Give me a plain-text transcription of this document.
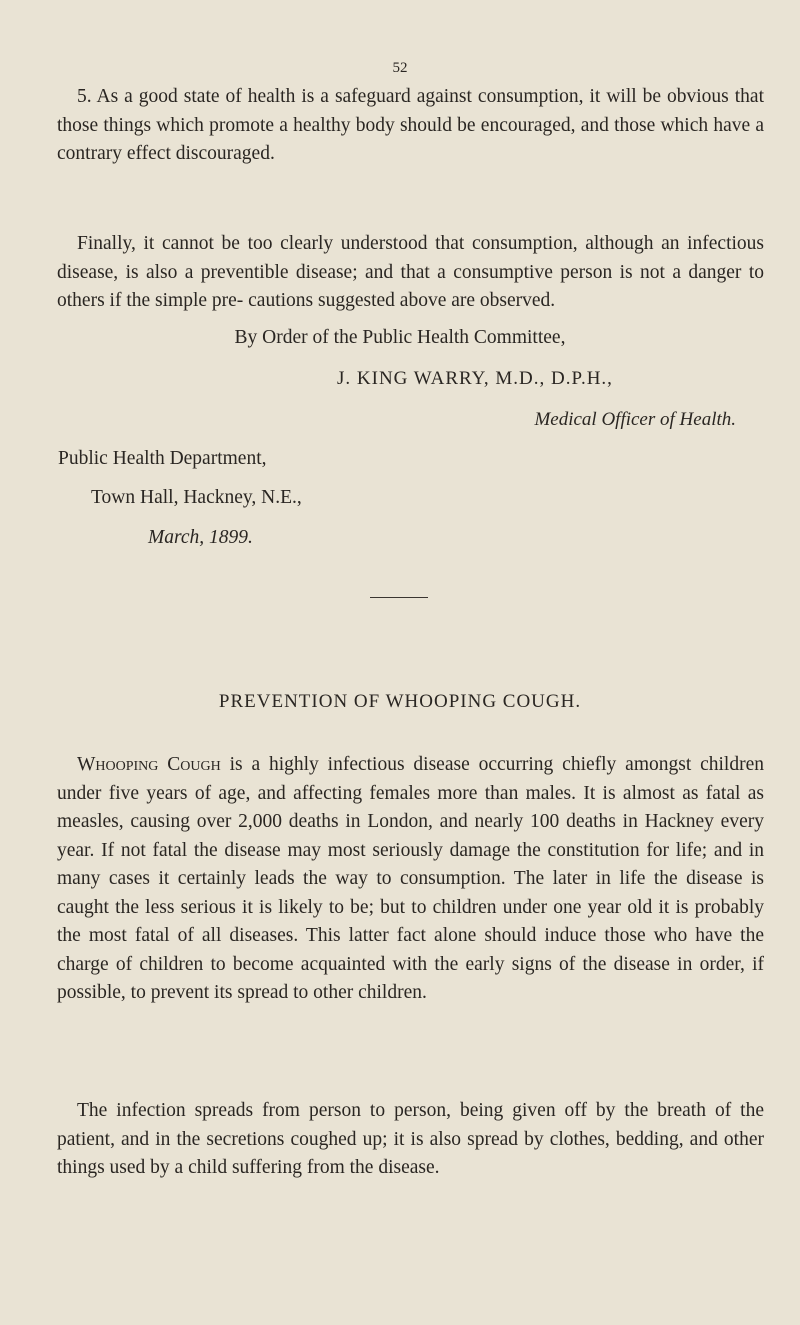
52

5. As a good state of health is a safeguard against consumption, it will be obvious that those things which promote a healthy body should be encouraged, and those which have a contrary effect discouraged.

Finally, it cannot be too clearly understood that consumption, although an infectious disease, is also a preventible disease; and that a consumptive person is not a danger to others if the simple pre- cautions suggested above are observed.

By Order of the Public Health Committee,
J. KING WARRY, M.D., D.P.H.,
Medical Officer of Health.
Public Health Department,
Town Hall, Hackney, N.E.,
March, 1899.
PREVENTION OF WHOOPING COUGH.

Whooping Cough is a highly infectious disease occurring chiefly amongst children under five years of age, and affecting females more than males. It is almost as fatal as measles, causing over 2,000 deaths in London, and nearly 100 deaths in Hackney every year. If not fatal the disease may most seriously damage the constitution for life; and in many cases it certainly leads the way to consumption. The later in life the disease is caught the less serious it is likely to be; but to children under one year old it is probably the most fatal of all diseases. This latter fact alone should induce those who have the charge of children to become acquainted with the early signs of the disease in order, if possible, to prevent its spread to other children.

The infection spreads from person to person, being given off by the breath of the patient, and in the secretions coughed up; it is also spread by clothes, bedding, and other things used by a child suffering from the disease.
